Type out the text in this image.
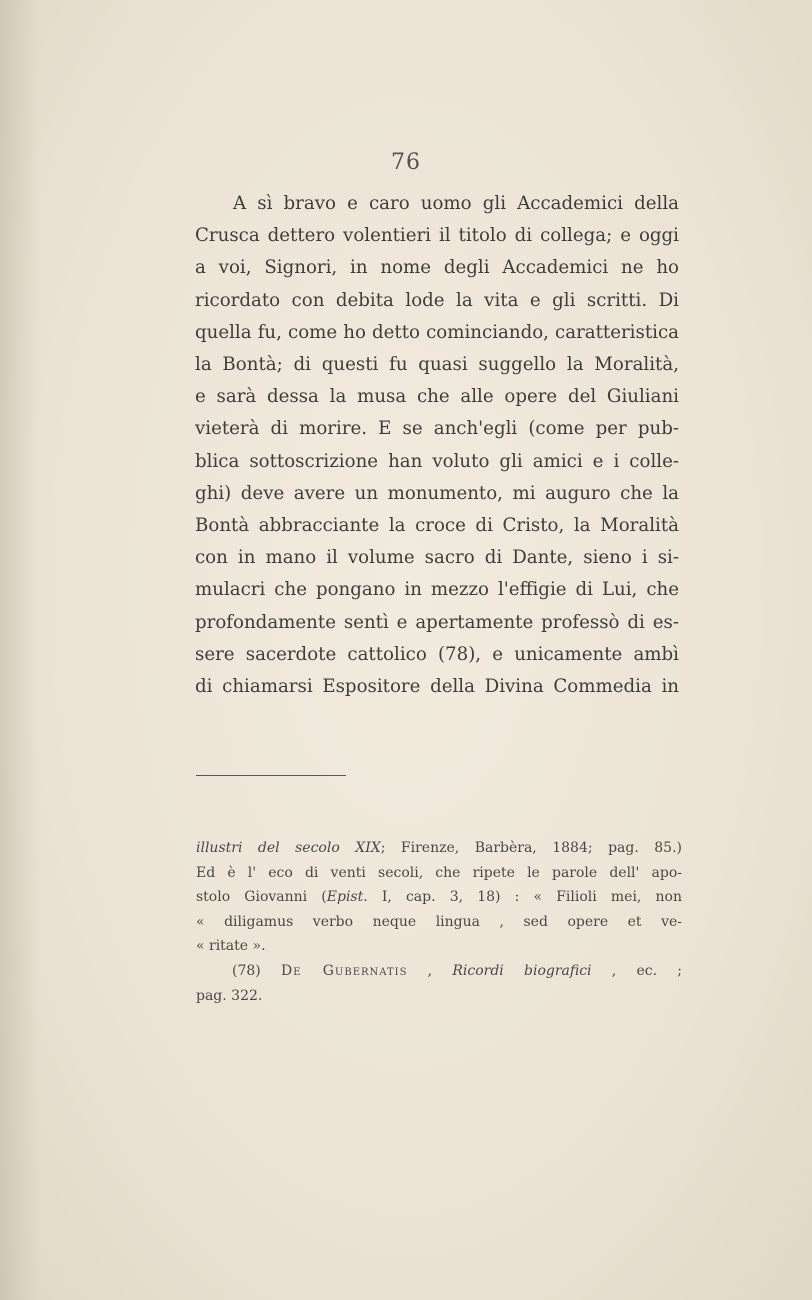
76
A sì bravo e caro uomo gli Accademici della
Crusca dettero volentieri il titolo di collega; e oggi
a voi, Signori, in nome degli Accademici ne ho
ricordato con debita lode la vita e gli scritti. Di
quella fu, come ho detto cominciando, caratteristica
la Bontà; di questi fu quasi suggello la Moralità,
e sarà dessa la musa che alle opere del Giuliani
vieterà di morire. E se anch'egli (come per pub-
blica sottoscrizione han voluto gli amici e i colle-
ghi) deve avere un monumento, mi auguro che la
Bontà abbracciante la croce di Cristo, la Moralità
con in mano il volume sacro di Dante, sieno i si-
mulacri che pongano in mezzo l'effigie di Lui, che
profondamente sentì e apertamente professò di es-
sere sacerdote cattolico (78), e unicamente ambì
di chiamarsi Espositore della Divina Commedia in
illustri del secolo XIX; Firenze, Barbèra, 1884; pag. 85.)
Ed è l' eco di venti secoli, che ripete le parole dell' apo-
stolo Giovanni (Epist. I, cap. 3, 18) : « Filioli mei, non
« diligamus verbo neque lingua , sed opere et ve-
« ritate ».
(78) De Gubernatis , Ricordi biografici , ec. ;
pag. 322.
